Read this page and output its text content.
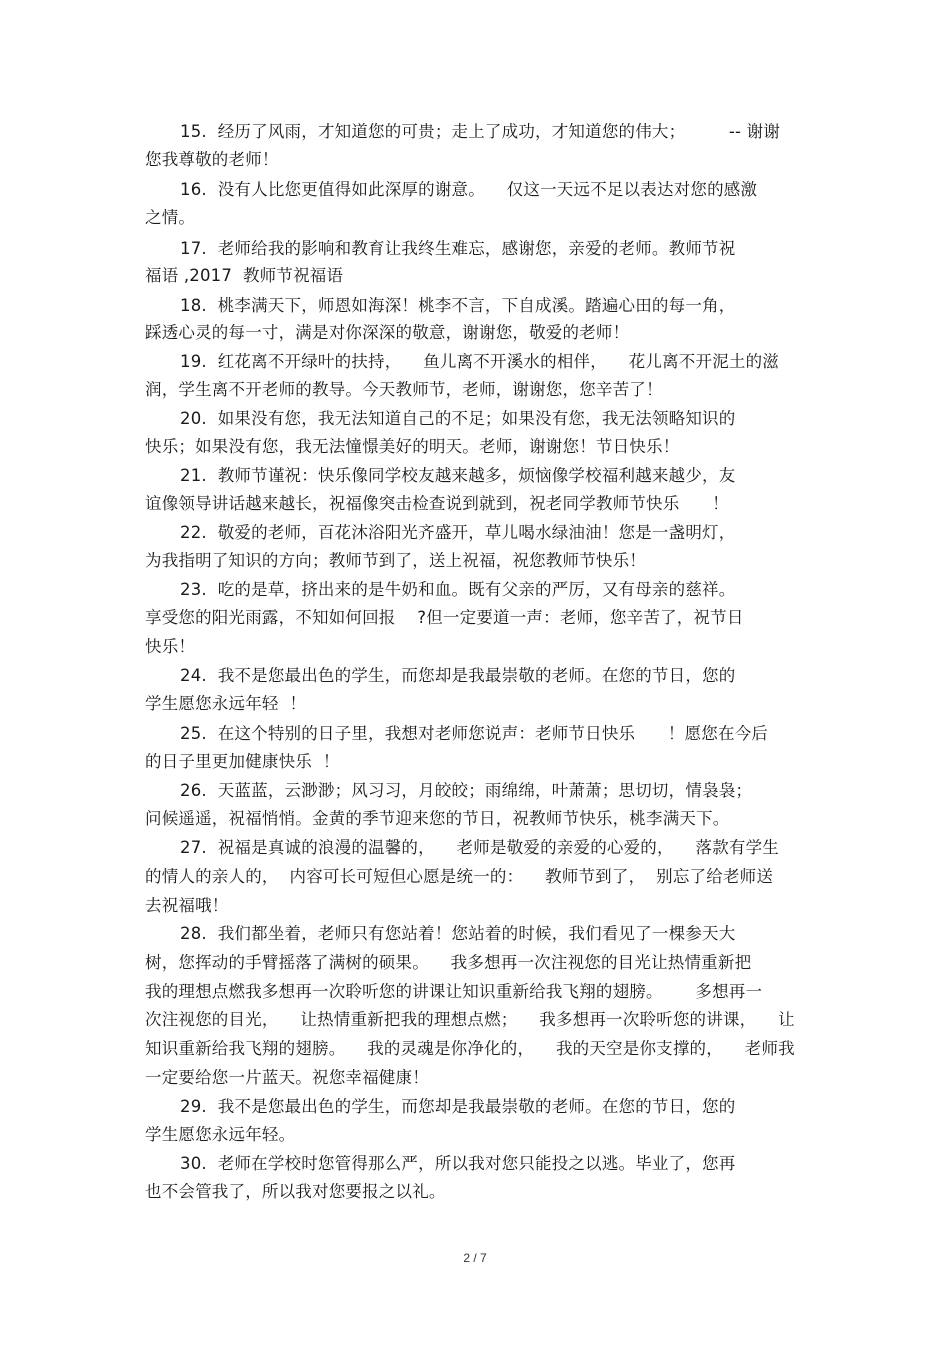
15.  经历了风雨，才知道您的可贵；走上了成功，才知道您的伟大；        -- 谢谢
您我尊敬的老师！
16.  没有人比您更值得如此深厚的谢意。    仅这一天远不足以表达对您的感激
之情。
17.  老师给我的影响和教育让我终生难忘，感谢您，亲爱的老师。教师节祝
福语 ,2017  教师节祝福语
18.  桃李满天下，师恩如海深！桃李不言，下自成溪。踏遍心田的每一角，
踩透心灵的每一寸，满是对你深深的敬意，谢谢您，敬爱的老师！
19.  红花离不开绿叶的扶持，    鱼儿离不开溪水的相伴，    花儿离不开泥土的滋
润，学生离不开老师的教导。今天教师节，老师，谢谢您，您辛苦了！
20.  如果没有您，我无法知道自己的不足；如果没有您，我无法领略知识的
快乐；如果没有您，我无法憧憬美好的明天。老师，谢谢您！节日快乐！
21.  教师节谨祝：快乐像同学校友越来越多，烦恼像学校福利越来越少，友
谊像领导讲话越来越长，祝福像突击检查说到就到，祝老同学教师节快乐      ！
22.  敬爱的老师，百花沐浴阳光齐盛开，草儿喝水绿油油！您是一盏明灯，
为我指明了知识的方向；教师节到了，送上祝福，祝您教师节快乐！
23.  吃的是草，挤出来的是牛奶和血。既有父亲的严厉，又有母亲的慈祥。
享受您的阳光雨露，不知如何回报    ?但一定要道一声：老师，您辛苦了，祝节日
快乐！
24.  我不是您最出色的学生，而您却是我最崇敬的老师。在您的节日，您的
学生愿您永远年轻  ！
25.  在这个特别的日子里，我想对老师您说声：老师节日快乐      ！愿您在今后
的日子里更加健康快乐  ！
26.  天蓝蓝，云渺渺；风习习，月皎皎；雨绵绵，叶萧萧；思切切，情袅袅；
问候遥遥，祝福悄悄。金黄的季节迎来您的节日，祝教师节快乐，桃李满天下。
27.  祝福是真诚的浪漫的温馨的，    老师是敬爱的亲爱的心爱的，    落款有学生
的情人的亲人的，  内容可长可短但心愿是统一的：    教师节到了，  别忘了给老师送
去祝福哦！
28.  我们都坐着，老师只有您站着！您站着的时候，我们看见了一棵参天大
树，您挥动的手臂摇落了满树的硕果。    我多想再一次注视您的目光让热情重新把
我的理想点燃我多想再一次聆听您的讲课让知识重新给我飞翔的翅膀。      多想再一
次注视您的目光，    让热情重新把我的理想点燃；    我多想再一次聆听您的讲课，    让
知识重新给我飞翔的翅膀。    我的灵魂是你净化的，    我的天空是你支撑的，    老师我
一定要给您一片蓝天。祝您幸福健康！
29.  我不是您最出色的学生，而您却是我最崇敬的老师。在您的节日，您的
学生愿您永远年轻。
30.  老师在学校时您管得那么严，所以我对您只能投之以逃。毕业了，您再
也不会管我了，所以我对您要报之以礼。
2 / 7
